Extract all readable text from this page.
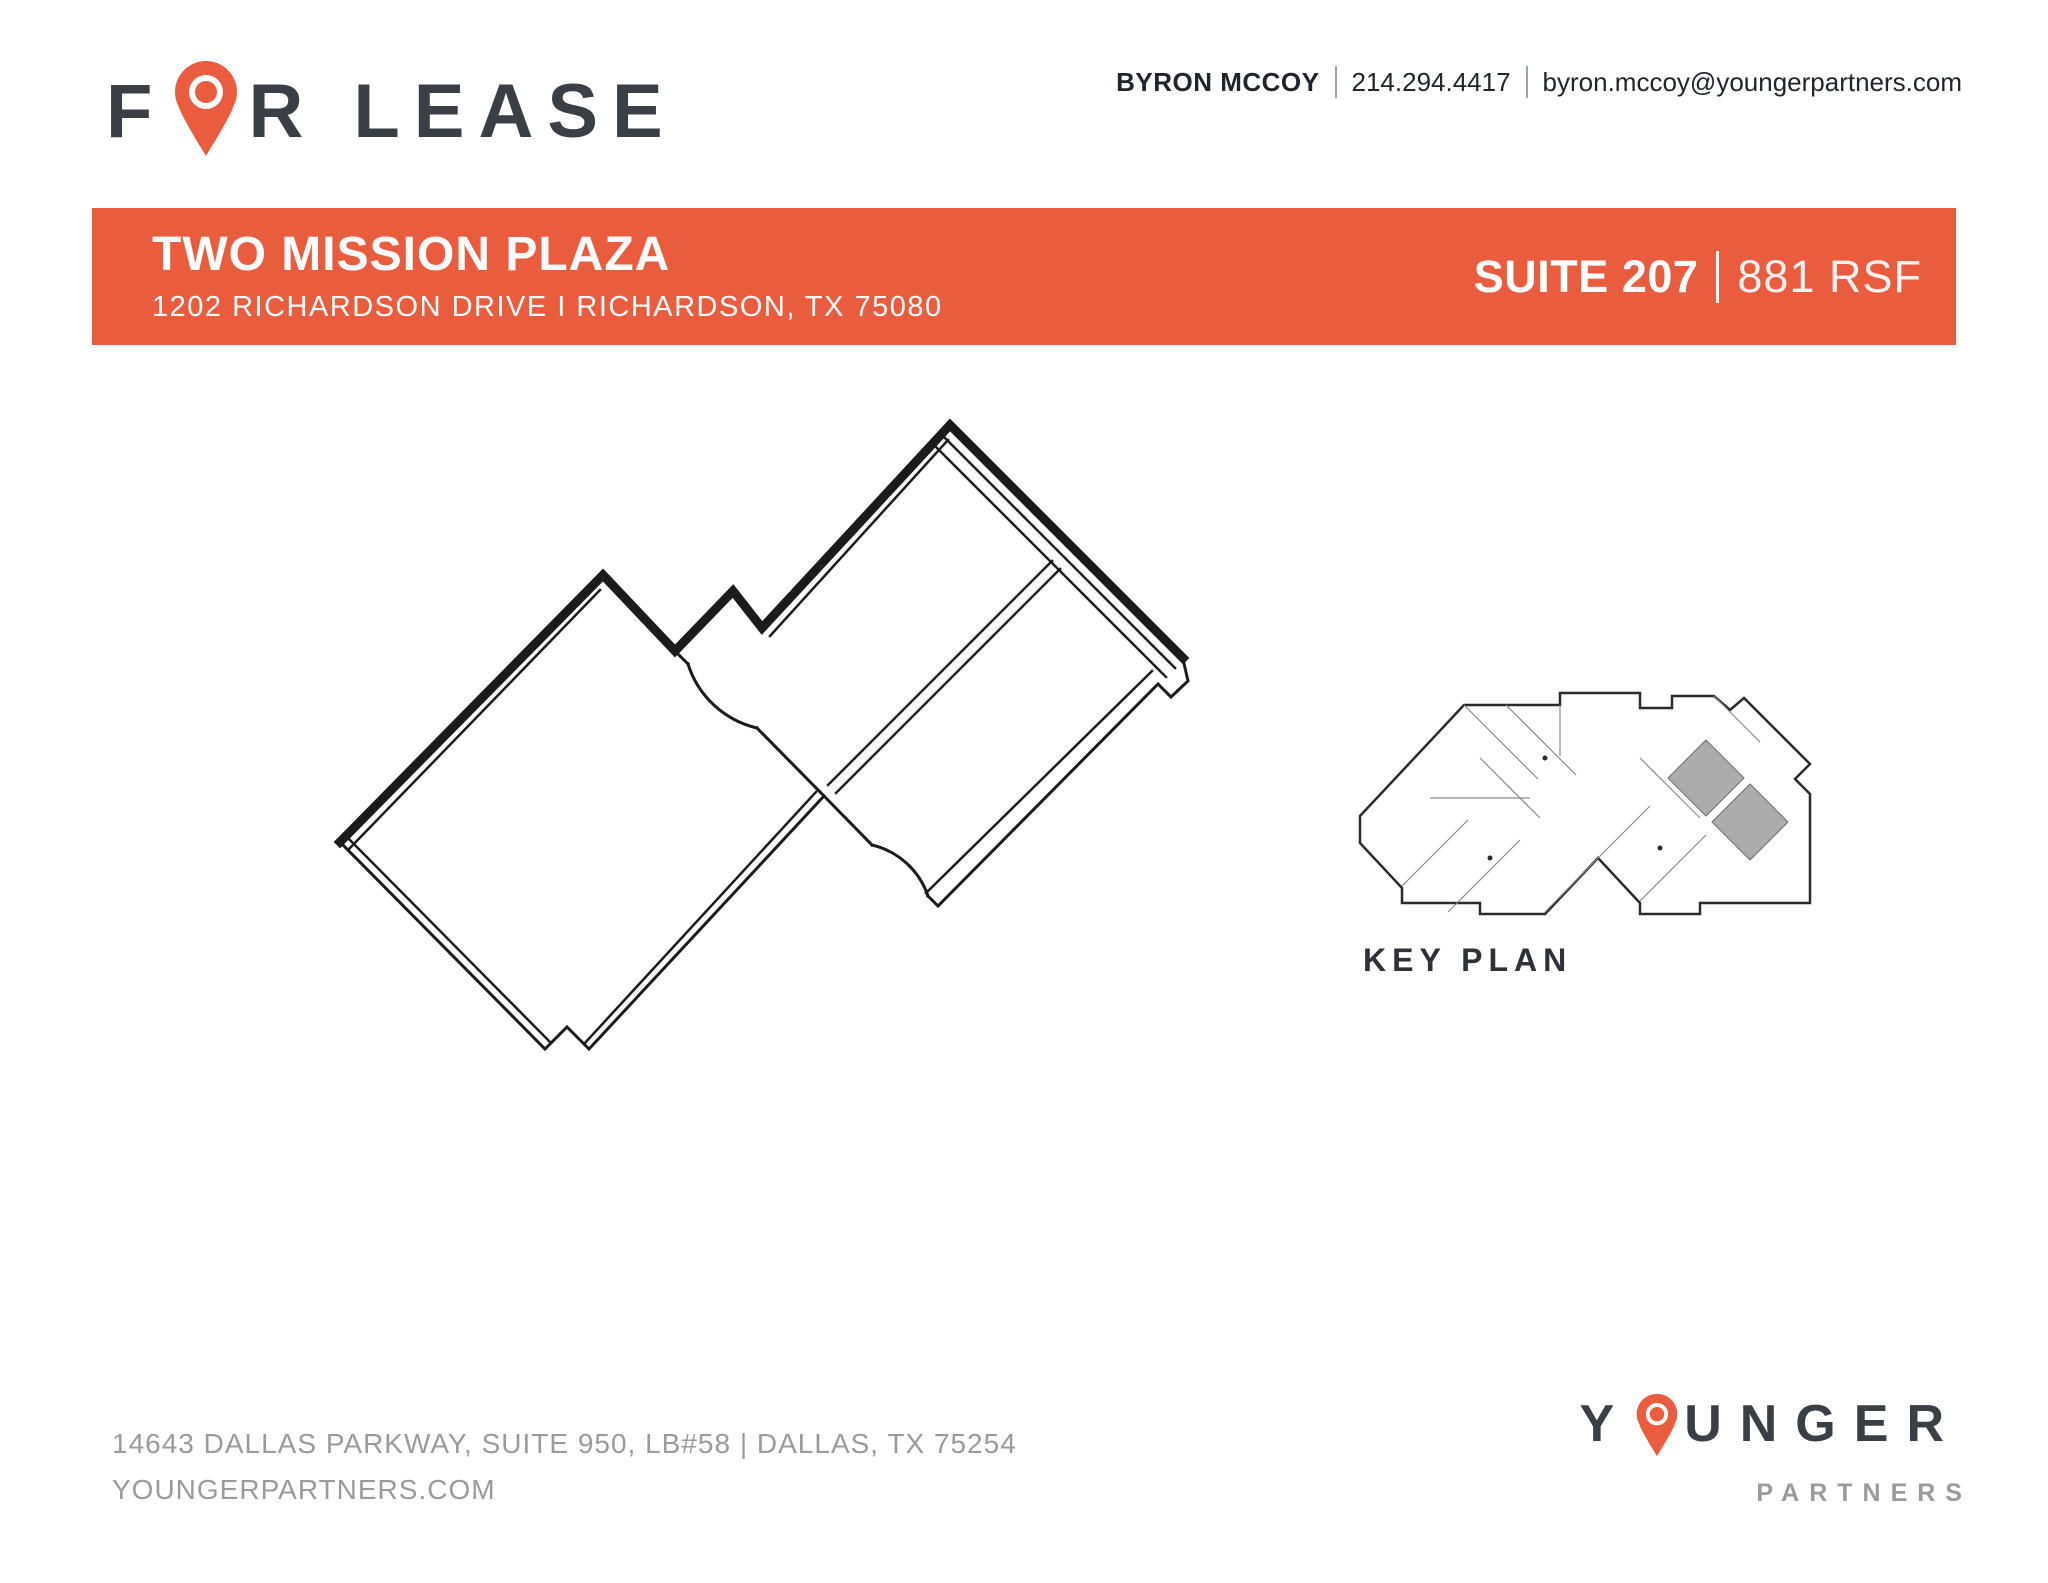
F R LEASE	BYRON MCCOY 214.294.4417 byron.mccoy@youngerpartners.com
TWO MISSION PLAZA
1202 RICHARDSON DRIVE I RICHARDSON, TX 75080
SUITE 207 881 RSF
KEY PLAN
14643 DALLAS PARKWAY, SUITE 950, LB#58 | DALLAS, TX 75254
YOUNGERPARTNERS.COM
Y UNGER
PARTNERS
